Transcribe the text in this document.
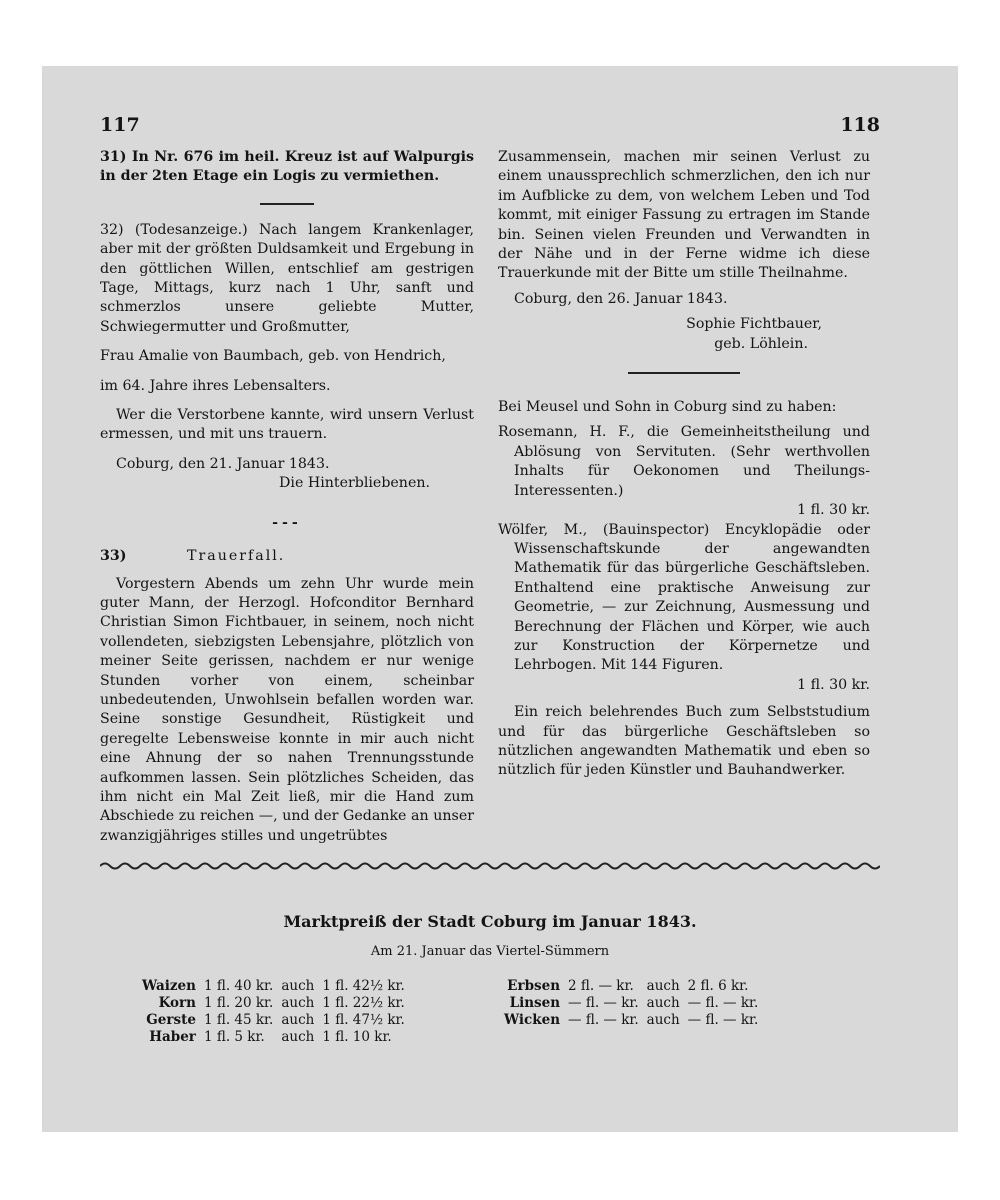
117	118

31) In Nr. 676 im heil. Kreuz ist auf Walpurgis in der 2ten Etage ein Logis zu vermiethen.

32) (Todesanzeige.) Nach langem Krankenlager, aber mit der größten Duldsamkeit und Ergebung in den göttlichen Willen, entschlief am gestrigen Tage, Mittags, kurz nach 1 Uhr, sanft und schmerzlos unsere geliebte Mutter, Schwiegermutter und Großmutter,

Frau Amalie von Baumbach, geb. von Hendrich,

im 64. Jahre ihres Lebensalters.

Wer die Verstorbene kannte, wird unsern Verlust ermessen, und mit uns trauern.

Coburg, den 21. Januar 1843.

Die Hinterbliebenen.

---

33)	Trauerfall.

Vorgestern Abends um zehn Uhr wurde mein guter Mann, der Herzogl. Hofconditor Bernhard Christian Simon Fichtbauer, in seinem, noch nicht vollendeten, siebzigsten Lebensjahre, plötzlich von meiner Seite gerissen, nachdem er nur wenige Stunden vorher von einem, scheinbar unbedeutenden, Unwohlsein befallen worden war. Seine sonstige Gesundheit, Rüstigkeit und geregelte Lebensweise konnte in mir auch nicht eine Ahnung der so nahen Trennungsstunde aufkommen lassen. Sein plötzliches Scheiden, das ihm nicht ein Mal Zeit ließ, mir die Hand zum Abschiede zu reichen —, und der Gedanke an unser zwanzigjähriges stilles und ungetrübtes

Zusammensein, machen mir seinen Verlust zu einem unaussprechlich schmerzlichen, den ich nur im Aufblicke zu dem, von welchem Leben und Tod kommt, mit einiger Fassung zu ertragen im Stande bin. Seinen vielen Freunden und Verwandten in der Nähe und in der Ferne widme ich diese Trauerkunde mit der Bitte um stille Theilnahme.

Coburg, den 26. Januar 1843.

Sophie Fichtbauer,

geb. Löhlein.

Bei Meusel und Sohn in Coburg sind zu haben:

Rosemann, H. F., die Gemeinheitstheilung und Ablösung von Servituten. (Sehr werthvollen Inhalts für Oekonomen und Theilungs-Interessenten.)

1 fl. 30 kr.

Wölfer, M., (Bauinspector) Encyklopädie oder Wissenschaftskunde der angewandten Mathematik für das bürgerliche Geschäftsleben. Enthaltend eine praktische Anweisung zur Geometrie, — zur Zeichnung, Ausmessung und Berechnung der Flächen und Körper, wie auch zur Konstruction der Körpernetze und Lehrbogen. Mit 144 Figuren.

1 fl. 30 kr.

Ein reich belehrendes Buch zum Selbststudium und für das bürgerliche Geschäftsleben so nützlichen angewandten Mathematik und eben so nützlich für jeden Künstler und Bauhandwerker.

Marktpreiß der Stadt Coburg im Januar 1843.
Am 21. Januar das Viertel-Sümmern
Waizen	1 fl. 40 kr.	auch	1 fl. 42½ kr.
Korn	1 fl. 20 kr.	auch	1 fl. 22½ kr.
Gerste	1 fl. 45 kr.	auch	1 fl. 47½ kr.
Haber	1 fl. 5 kr.	auch	1 fl. 10 kr.
Erbsen	2 fl. — kr.	auch	2 fl. 6 kr.
Linsen	— fl. — kr.	auch	— fl. — kr.
Wicken	— fl. — kr.	auch	— fl. — kr.
